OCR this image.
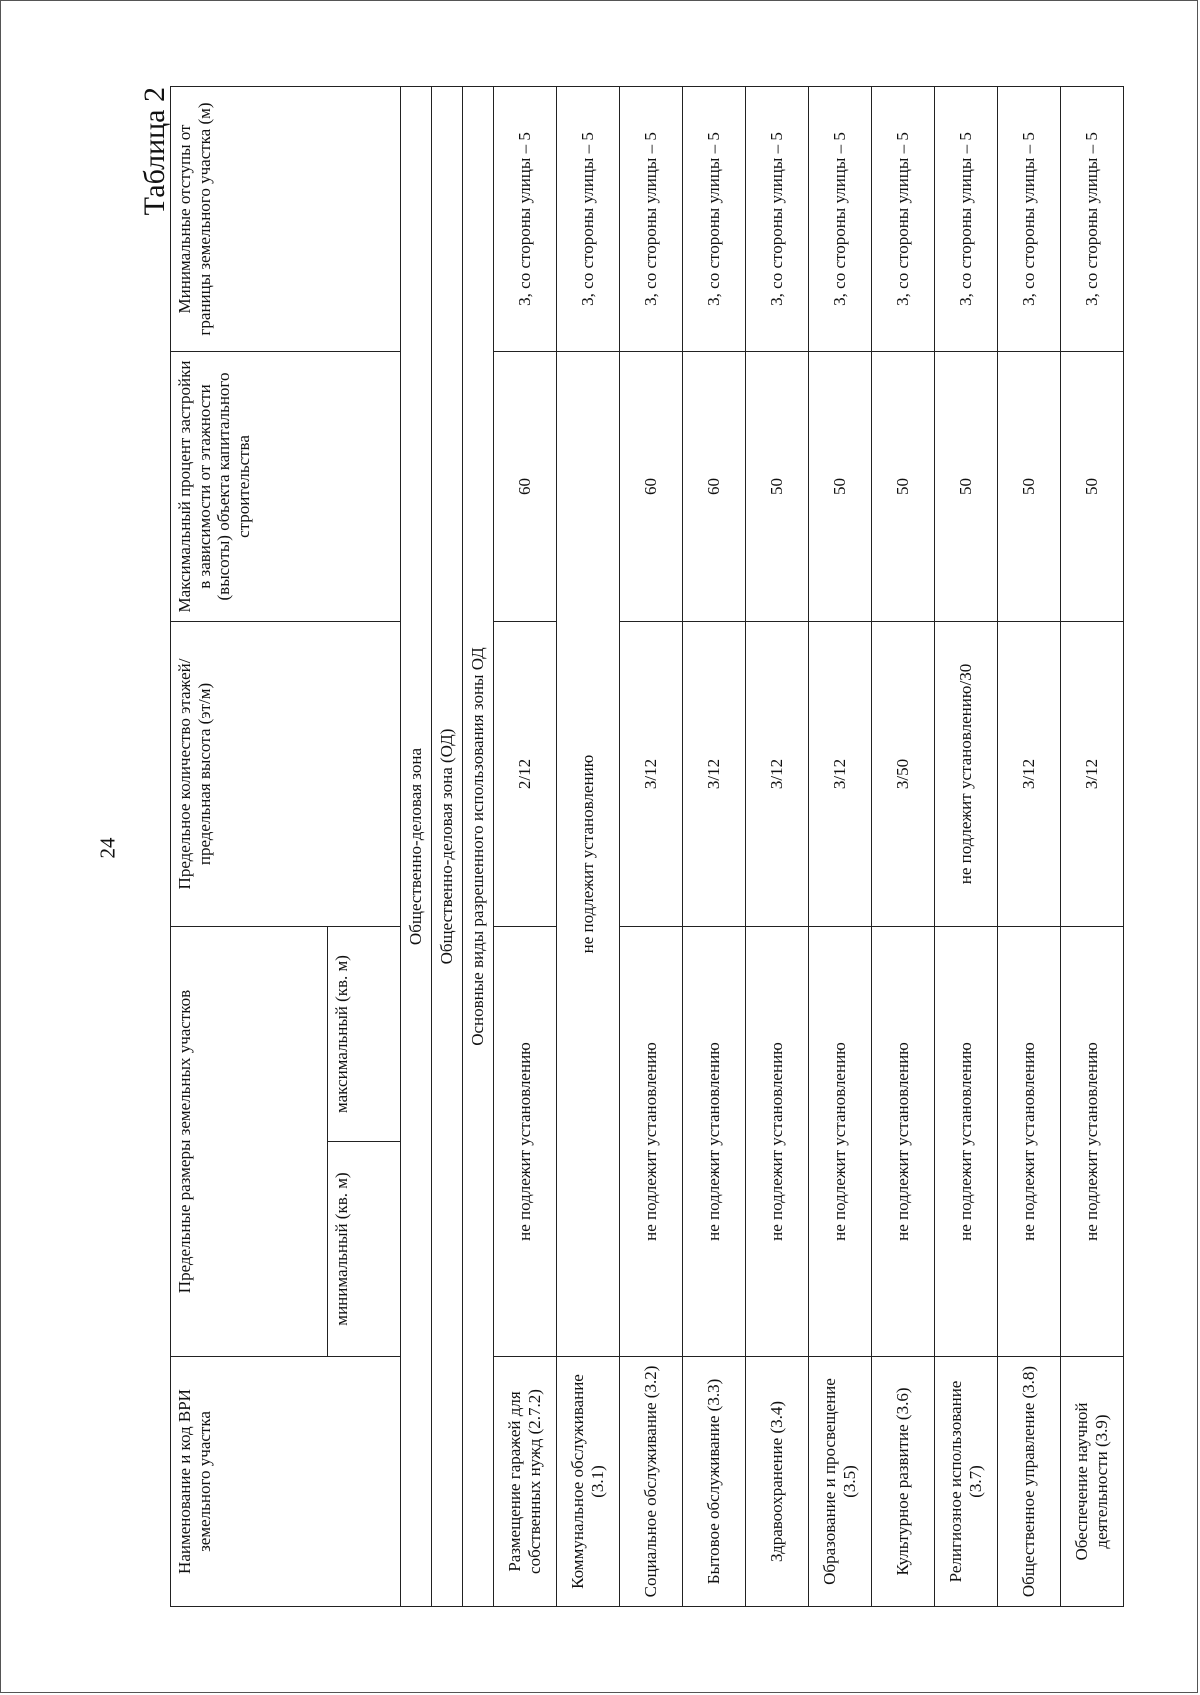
24
Таблица 2
Наименование и код ВРИ земельного участка	Предельные размеры земельных участков		Предельное количество этажей/ предельная высота (эт/м)	Максимальный процент застройки в зависимости от этажности (высоты) объекта капитального строительства	Минимальные отступы от границы земельного участка (м)
	минимальный (кв. м)	максимальный (кв. м)			
Общественно-деловая зона					
Общественно-деловая зона (ОД)					
Основные виды разрешенного использования зоны ОД					
Размещение гаражей для собственных нужд (2.7.2)	не подлежит установлению		2/12	60	3, со стороны улицы – 5
Коммунальное обслуживание (3.1)	не подлежит установлению				3, со стороны улицы – 5
Социальное обслуживание (3.2)	не подлежит установлению		3/12	60	3, со стороны улицы – 5
Бытовое обслуживание (3.3)	не подлежит установлению		3/12	60	3, со стороны улицы – 5
Здравоохранение (3.4)	не подлежит установлению		3/12	50	3, со стороны улицы – 5
Образование и просвещение (3.5)	не подлежит установлению		3/12	50	3, со стороны улицы – 5
Культурное развитие (3.6)	не подлежит установлению		3/50	50	3, со стороны улицы – 5
Религиозное использование (3.7)	не подлежит установлению		не подлежит установлению/30	50	3, со стороны улицы – 5
Общественное управление (3.8)	не подлежит установлению		3/12	50	3, со стороны улицы – 5
Обеспечение научной деятельности (3.9)	не подлежит установлению		3/12	50	3, со стороны улицы – 5
